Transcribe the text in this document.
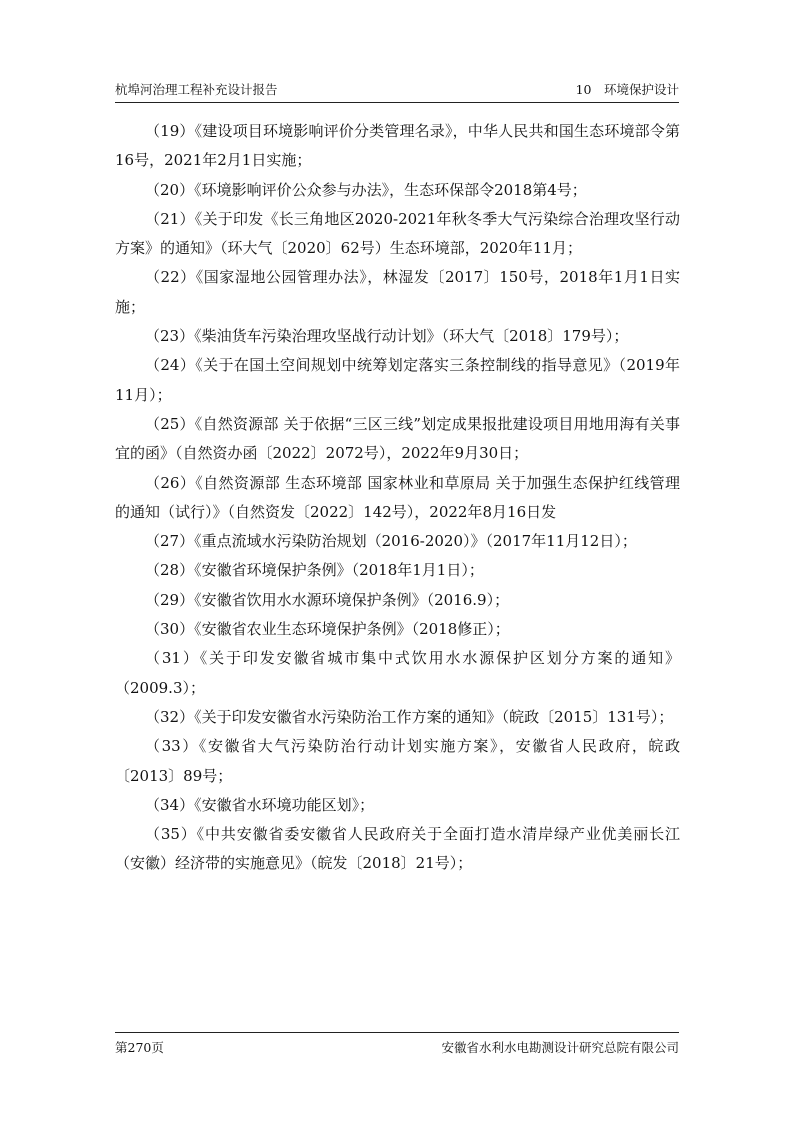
杭埠河治理工程补充设计报告	10　环境保护设计

（19）《建设项目环境影响评价分类管理名录》，中华人民共和国生态环境部令第16号，2021年2月1日实施；

（20）《环境影响评价公众参与办法》，生态环保部令2018第4号；

（21）《关于印发《长三角地区2020-2021年秋冬季大气污染综合治理攻坚行动方案》的通知》（环大气〔2020〕62号）生态环境部，2020年11月；

（22）《国家湿地公园管理办法》，林湿发〔2017〕150号，2018年1月1日实施；

（23）《柴油货车污染治理攻坚战行动计划》（环大气〔2018〕179号）；

（24）《关于在国土空间规划中统筹划定落实三条控制线的指导意见》（2019年11月）；

（25）《自然资源部 关于依据“三区三线”划定成果报批建设项目用地用海有关事宜的函》（自然资办函〔2022〕2072号），2022年9月30日；

（26）《自然资源部 生态环境部 国家林业和草原局 关于加强生态保护红线管理的通知（试行）》（自然资发〔2022〕142号），2022年8月16日发

（27）《重点流域水污染防治规划（2016-2020）》（2017年11月12日）；

（28）《安徽省环境保护条例》（2018年1月1日）；

（29）《安徽省饮用水水源环境保护条例》（2016.9）；

（30）《安徽省农业生态环境保护条例》（2018修正）；

（31）《关于印发安徽省城市集中式饮用水水源保护区划分方案的通知》（2009.3）；

（32）《关于印发安徽省水污染防治工作方案的通知》（皖政〔2015〕131号）；

（33）《安徽省大气污染防治行动计划实施方案》，安徽省人民政府，皖政〔2013〕89号；

（34）《安徽省水环境功能区划》；

（35）《中共安徽省委安徽省人民政府关于全面打造水清岸绿产业优美丽长江（安徽）经济带的实施意见》（皖发〔2018〕21号）；

第270页	安徽省水利水电勘测设计研究总院有限公司
